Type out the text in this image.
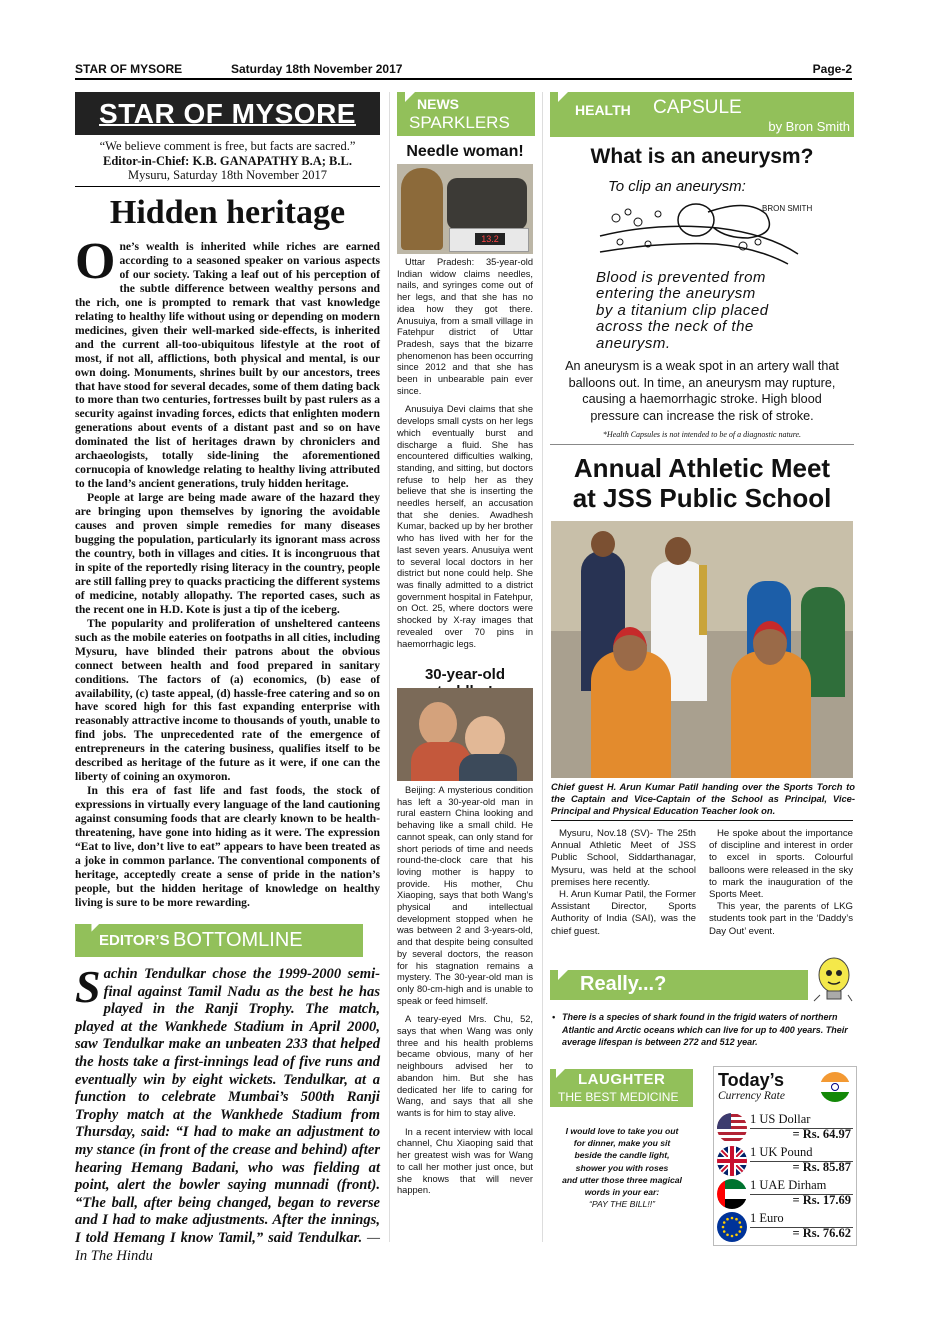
STAR OF MYSORE	Saturday 18th November 2017	Page-2
STAR OF MYSORE
“We believe comment is free, but facts are sacred.”
Editor-in-Chief: K.B. GANAPATHY B.A; B.L.
Mysuru, Saturday 18th November 2017
Hidden heritage

One’s wealth is inherited while riches are earned according to a seasoned speaker on various aspects of our society. Taking a leaf out of his perception of the subtle difference between wealthy persons and the rich, one is prompted to remark that vast knowledge relating to healthy life without using or depending on modern medicines, given their well-marked side-effects, is inherited and the current all-too-ubiquitous lifestyle at the root of most, if not all, afflictions, both physical and mental, is our own doing. Monuments, shrines built by our ancestors, trees that have stood for several decades, some of them dating back to more than two centuries, fortresses built by past rulers as a security against invading forces, edicts that enlighten modern generations about events of a distant past and so on have dominated the list of heritages drawn by chroniclers and archaeologists, totally side-lining the aforementioned cornucopia of knowledge relating to healthy living attributed to the land’s ancient generations, truly hidden heritage.

People at large are being made aware of the hazard they are bringing upon themselves by ignoring the avoidable causes and proven simple remedies for many diseases bugging the population, particularly its ignorant mass across the country, both in villages and cities. It is incongruous that in spite of the reportedly rising literacy in the country, people are still falling prey to quacks practicing the different systems of medicine, notably allopathy. The reported cases, such as the recent one in H.D. Kote is just a tip of the iceberg.

The popularity and proliferation of unsheltered canteens such as the mobile eateries on footpaths in all cities, including Mysuru, have blinded their patrons about the obvious connect between health and food prepared in sanitary conditions. The factors of (a) economics, (b) ease of availability, (c) taste appeal, (d) hassle-free catering and so on have scored high for this fast expanding enterprise with reasonably attractive income to thousands of youth, unable to find jobs. The unprecedented rate of the emergence of entrepreneurs in the catering business, qualifies itself to be described as heritage of the future as it were, if one can the liberty of coining an oxymoron.

In this era of fast life and fast foods, the stock of expressions in virtually every language of the land cautioning against consuming foods that are clearly known to be health-threatening, have gone into hiding as it were. The expression “Eat to live, don’t live to eat” appears to have been treated as a joke in common parlance. The conventional components of heritage, acceptedly create a sense of pride in the nation’s people, but the hidden heritage of knowledge on healthy living is sure to be more rewarding.

EDITOR’S BOTTOMLINE
Sachin Tendulkar chose the 1999-2000 semi-final against Tamil Nadu as the best he has played in the Ranji Trophy. The match, played at the Wankhede Stadium in April 2000, saw Tendulkar make an unbeaten 233 that helped the hosts take a first-innings lead of five runs and eventually win by eight wickets. Tendulkar, at a function to celebrate Mumbai’s 500th Ranji Trophy match at the Wankhede Stadium from Thursday, said: “I had to make an adjustment to my stance (in front of the crease and behind) after hearing Hemang Badani, who was fielding at point, alert the bowler saying munnadi (front). “The ball, after being changed, began to reverse and I had to make adjustments. After the innings, I told Hemang I know Tamil,” said Tendulkar. —In The Hindu
NEWS
SPARKLERS
Needle woman!
13.2

Uttar Pradesh: 35-year-old Indian widow claims needles, nails, and syringes come out of her legs, and that she has no idea how they got there. Anusuiya, from a small village in Fatehpur district of Uttar Pradesh, says that the bizarre phenomenon has been occurring since 2012 and that she has been in unbearable pain ever since.

Anusuiya Devi claims that she develops small cysts on her legs which eventually burst and discharge a fluid. She has encountered difficulties walking, standing, and sitting, but doctors refuse to help her as they believe that she is inserting the needles herself, an accusation that she denies. Awadhesh Kumar, backed up by her brother who has lived with her for the last seven years. Anusuiya went to several local doctors in her district but none could help. She was finally admitted to a district government hospital in Fatehpur, on Oct. 25, where doctors were shocked by X-ray images that revealed over 70 pins in haemorrhagic legs.

30-year-old

Beijing: A mysterious condition has left a 30-year-old man in rural eastern China looking and behaving like a small child. He cannot speak, can only stand for short periods of time and needs round-the-clock care that his loving mother is happy to provide. His mother, Chu Xiaoping, says that both Wang’s physical and intellectual development stopped when he was between 2 and 3-years-old, and that despite being consulted by several doctors, the reason for his stagnation remains a mystery. The 30-year-old man is only 80-cm-high and is unable to speak or feed himself.

A teary-eyed Mrs. Chu, 52, says that when Wang was only three and his health problems became obvious, many of her neighbours advised her to abandon him. But she has dedicated her life to caring for Wang, and says that all she wants is for him to stay alive.

In a recent interview with local channel, Chu Xiaoping said that her greatest wish was for Wang to call her mother just once, but she knows that will never happen.

HEALTH CAPSULE
by Bron Smith
What is an aneurysm?
To clip an aneurysm:
BRON SMITH
Blood is prevented from
entering the aneurysm
by a titanium clip placed
across the neck of the
aneurysm.
An aneurysm is a weak spot in an artery wall that balloons out. In time, an aneurysm may rupture, causing a haemorrhagic stroke. High blood pressure can increase the risk of stroke.
*Health Capsules is not intended to be of a diagnostic nature.
Annual Athletic Meet
at JSS Public School
Chief guest H. Arun Kumar Patil handing over the Sports Torch to the Captain and Vice-Captain of the School as Principal, Vice-Principal and Physical Education Teacher look on.

Mysuru, Nov.18 (SV)- The 25th Annual Athletic Meet of JSS Public School, Siddarthanagar, Mysuru, was held at the school premises here recently.

H. Arun Kumar Patil, the Former Assistant Director, Sports Authority of India (SAI), was the chief guest.

He spoke about the importance of discipline and interest in order to excel in sports. Colourful balloons were released in the sky to mark the inauguration of the Sports Meet.

This year, the parents of LKG students took part in the ‘Daddy’s Day Out’ event.

Really...?
• There is a species of shark found in the frigid waters of northern Atlantic and Arctic oceans which can live for up to 400 years. Their average lifespan is between 272 and 512 year.
LAUGHTER
THE BEST MEDICINE
I would love to take you out
for dinner, make you sit
beside the candle light,
shower you with roses
and utter those three magical
words in your ear:
“PAY THE BILL!!”
Today’s
Currency Rate
1 US Dollar
= Rs. 64.97
1 UK Pound
= Rs. 85.87
1 UAE Dirham
= Rs. 17.69
1 Euro
= Rs. 76.62
